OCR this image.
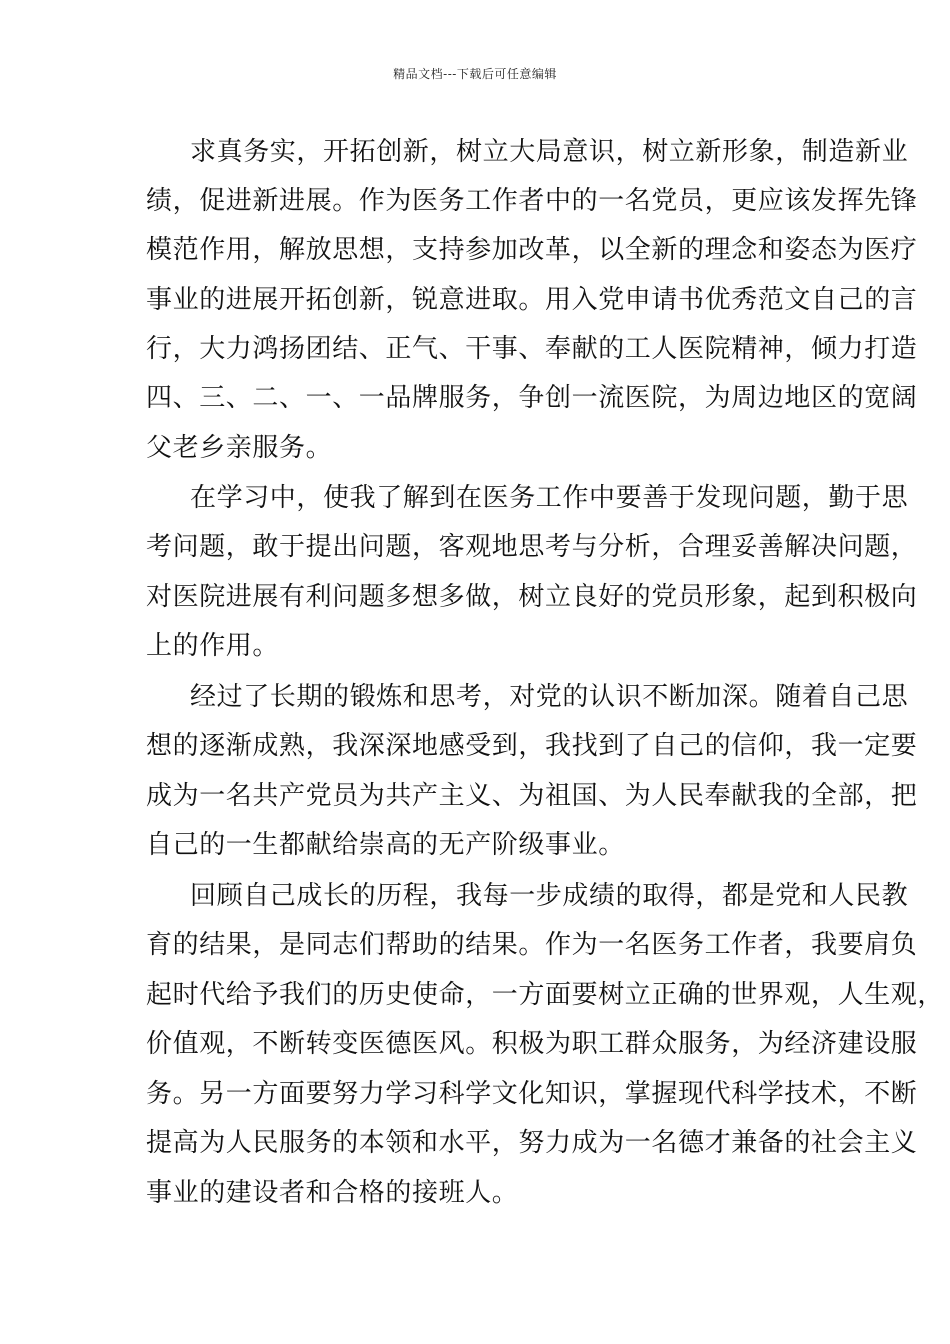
精品文档---下载后可任意编辑
求真务实，开拓创新，树立大局意识，树立新形象，制造新业
绩，促进新进展。作为医务工作者中的一名党员，更应该发挥先锋
模范作用，解放思想，支持参加改革，以全新的理念和姿态为医疗
事业的进展开拓创新，锐意进取。用入党申请书优秀范文自己的言
行，大力鸿扬团结、正气、干事、奉献的工人医院精神，倾力打造
四、三、二、一、一品牌服务，争创一流医院，为周边地区的宽阔
父老乡亲服务。
在学习中，使我了解到在医务工作中要善于发现问题，勤于思
考问题，敢于提出问题，客观地思考与分析，合理妥善解决问题，
对医院进展有利问题多想多做，树立良好的党员形象，起到积极向
上的作用。
经过了长期的锻炼和思考，对党的认识不断加深。随着自己思
想的逐渐成熟，我深深地感受到，我找到了自己的信仰，我一定要
成为一名共产党员为共产主义、为祖国、为人民奉献我的全部，把
自己的一生都献给崇高的无产阶级事业。
回顾自己成长的历程，我每一步成绩的取得，都是党和人民教
育的结果，是同志们帮助的结果。作为一名医务工作者，我要肩负
起时代给予我们的历史使命，一方面要树立正确的世界观，人生观，
价值观，不断转变医德医风。积极为职工群众服务，为经济建设服
务。另一方面要努力学习科学文化知识，掌握现代科学技术，不断
提高为人民服务的本领和水平，努力成为一名德才兼备的社会主义
事业的建设者和合格的接班人。
